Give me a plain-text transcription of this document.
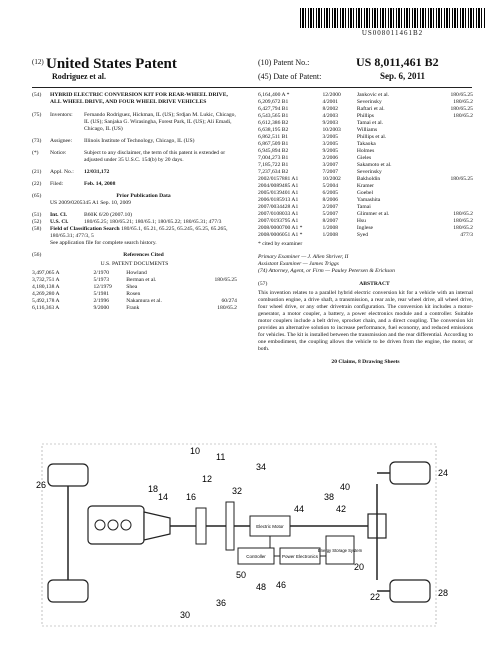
US008011461B2
(12) United States Patent
Rodriguez et al.
(10) Patent No.:	US 8,011,461 B2
(45) Date of Patent:	Sep. 6, 2011
(54)	HYBRID ELECTRIC CONVERSION KIT FOR REAR-WHEEL DRIVE, ALL WHEEL DRIVE, AND FOUR WHEEL DRIVE VEHICLES
(75)	Inventors:	Fernando Rodriguez, Hickman, IL (US); Srdjan M. Lukic, Chicago, IL (US); Sanjaka G. Wirasingha, Forest Park, IL (US); Ali Emadi, Chicago, IL (US)
(73)	Assignee:	Illinois Institute of Technology, Chicago, IL (US)
(*)	Notice:	Subject to any disclaimer, the term of this patent is extended or adjusted under 35 U.S.C. 154(b) by 20 days.
(21)	Appl. No.:	12/031,172
(22)	Filed:	Feb. 14, 2008
(65)	Prior Publication Data
US 2009/0205345 A1 Sep. 10, 2009
(51)	Int. Cl.	B60K 6/20 (2007.10)
(52)	U.S. Cl.	180/65.25; 180/65.21; 180/65.1; 180/65.22; 180/65.31; 477/3
(58)	Field of Classification Search 180/65.1, 65.21, 65.225, 65.245, 65.25, 65.265, 180/65.31; 477/3, 5
See application file for complete search history.
(56)	References Cited
U.S. PATENT DOCUMENTS
3,497,065 A	2/1970	Howland
3,732,751 A	5/1973	Berman et al.	180/65.25
4,180,138 A	12/1979	Shea
4,269,280 A	5/1981	Rosen
5,492,178 A	2/1996	Nakamura et al.	60/274
6,116,363 A	9/2000	Frank	180/65.2
6,164,400 A *	12/2000	Jankovic et al.	180/65.25
6,209,672 B1	4/2001	Severinsky	180/65.2
6,427,794 B1	8/2002	Raftari et al.	180/65.25
6,543,565 B1	4/2003	Phillips	180/65.2
6,612,386 B2	9/2003	Tamai et al.
6,638,195 B2	10/2003	Williams
6,862,511 B1	3/2005	Phillips et al.
6,867,509 B1	3/2005	Takaoka
6,945,894 B2	9/2005	Holmes
7,004,273 B1	2/2006	Gieles
7,185,722 B1	3/2007	Sakamoto et al.
7,237,634 B2	7/2007	Severinsky
2002/0157881 A1	10/2002	Bakholdin	180/65.25
2004/0089485 A1	5/2004	Kramer
2005/0139401 A1	6/2005	Goebel
2006/0185913 A1	8/2006	Yamashita
2007/0034428 A1	2/2007	Tamai
2007/0108033 A1	5/2007	Glimmer et al.	180/65.2
2007/0193795 A1	8/2007	Hsu	180/65.2
2008/0000700 A1 *	1/2008	Inglese	180/65.2
2008/0006051 A1 *	1/2008	Syed	477/3
* cited by examiner
Primary Examiner — J. Allen Shriver, II
Assistant Examiner — James Triggs
(74) Attorney, Agent, or Firm — Pauley Petersen & Erickson
(57)	ABSTRACT
This invention relates to a parallel hybrid electric conversion kit for a vehicle with an internal combustion engine, a drive shaft, a transmission, a rear axle, rear wheel drive, all wheel drive, four wheel drive, or any other drivetrain configuration. The conversion kit includes a motor-generator, a motor coupler, a battery, a power electronics module and a controller. Suitable motor couplers include a belt drive, sprocket chain, and a direct coupling. The conversion kit provides an alternative solution to increase performance, fuel economy, and reduced emissions for vehicles. The kit is installed between the transmission and the rear differential. According to one embodiment, the coupling allows the vehicle to be driven from the engine, the motor, or both.
20 Claims, 8 Drawing Sheets
Electric Motor
Controller	Power Electronics
Energy Storage System
10
11
12
14 16
18
20
22
24
26
28
30
32
34
36
38
40
42
44
46
48
50
